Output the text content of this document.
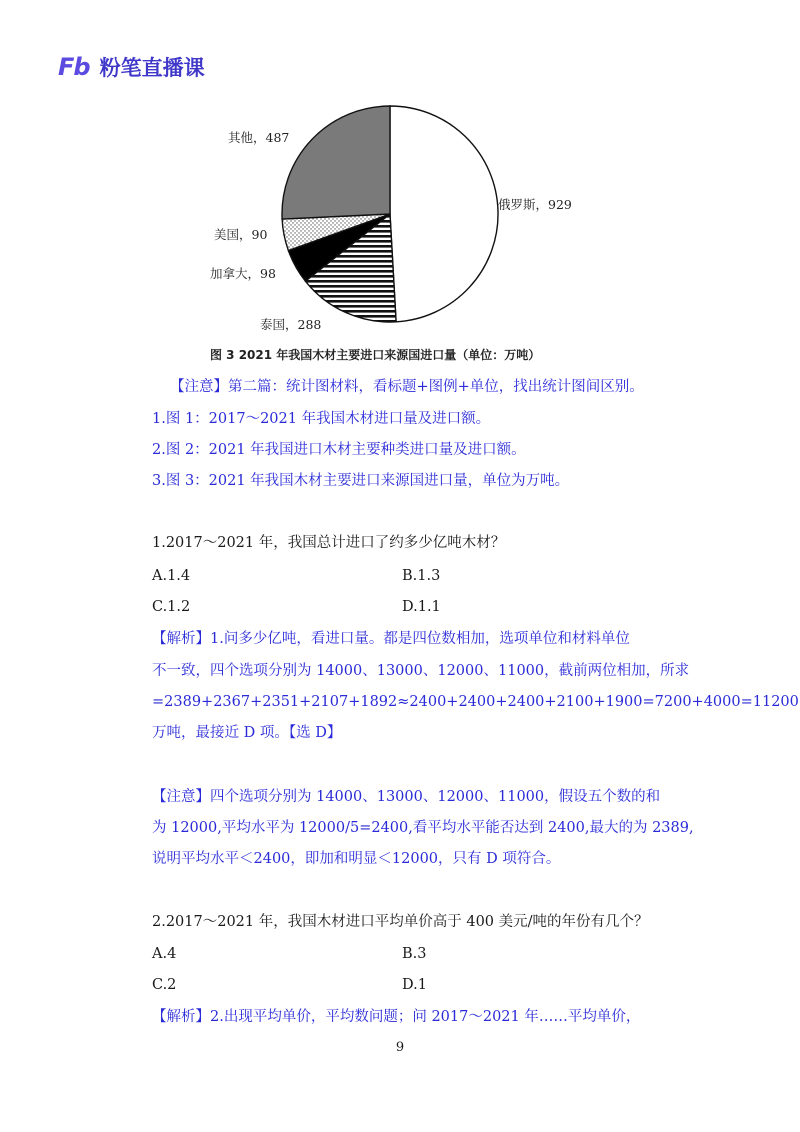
Fb 粉笔直播课
俄罗斯，929
泰国，288
加拿大，98
美国，90
其他，487
图 3 2021 年我国木材主要进口来源国进口量（单位：万吨）
【注意】第二篇：统计图材料，看标题+图例+单位，找出统计图间区别。
1.图 1：2017～2021 年我国木材进口量及进口额。
2.图 2：2021 年我国进口木材主要种类进口量及进口额。
3.图 3：2021 年我国木材主要进口来源国进口量，单位为万吨。
1.2017～2021 年，我国总计进口了约多少亿吨木材？
A.1.4	B.1.3
C.1.2	D.1.1
【解析】1.问多少亿吨，看进口量。都是四位数相加，选项单位和材料单位
不一致，四个选项分别为 14000、13000、12000、11000，截前两位相加，所求
=2389+2367+2351+2107+1892≈2400+2400+2400+2100+1900=7200+4000=11200
万吨，最接近 D 项。【选 D】
【注意】四个选项分别为 14000、13000、12000、11000，假设五个数的和
为 12000,平均水平为 12000/5=2400,看平均水平能否达到 2400,最大的为 2389,
说明平均水平＜2400，即加和明显＜12000，只有 D 项符合。
2.2017～2021 年，我国木材进口平均单价高于 400 美元/吨的年份有几个？
A.4	B.3
C.2	D.1
【解析】2.出现平均单价，平均数问题；问 2017～2021 年……平均单价，
9
